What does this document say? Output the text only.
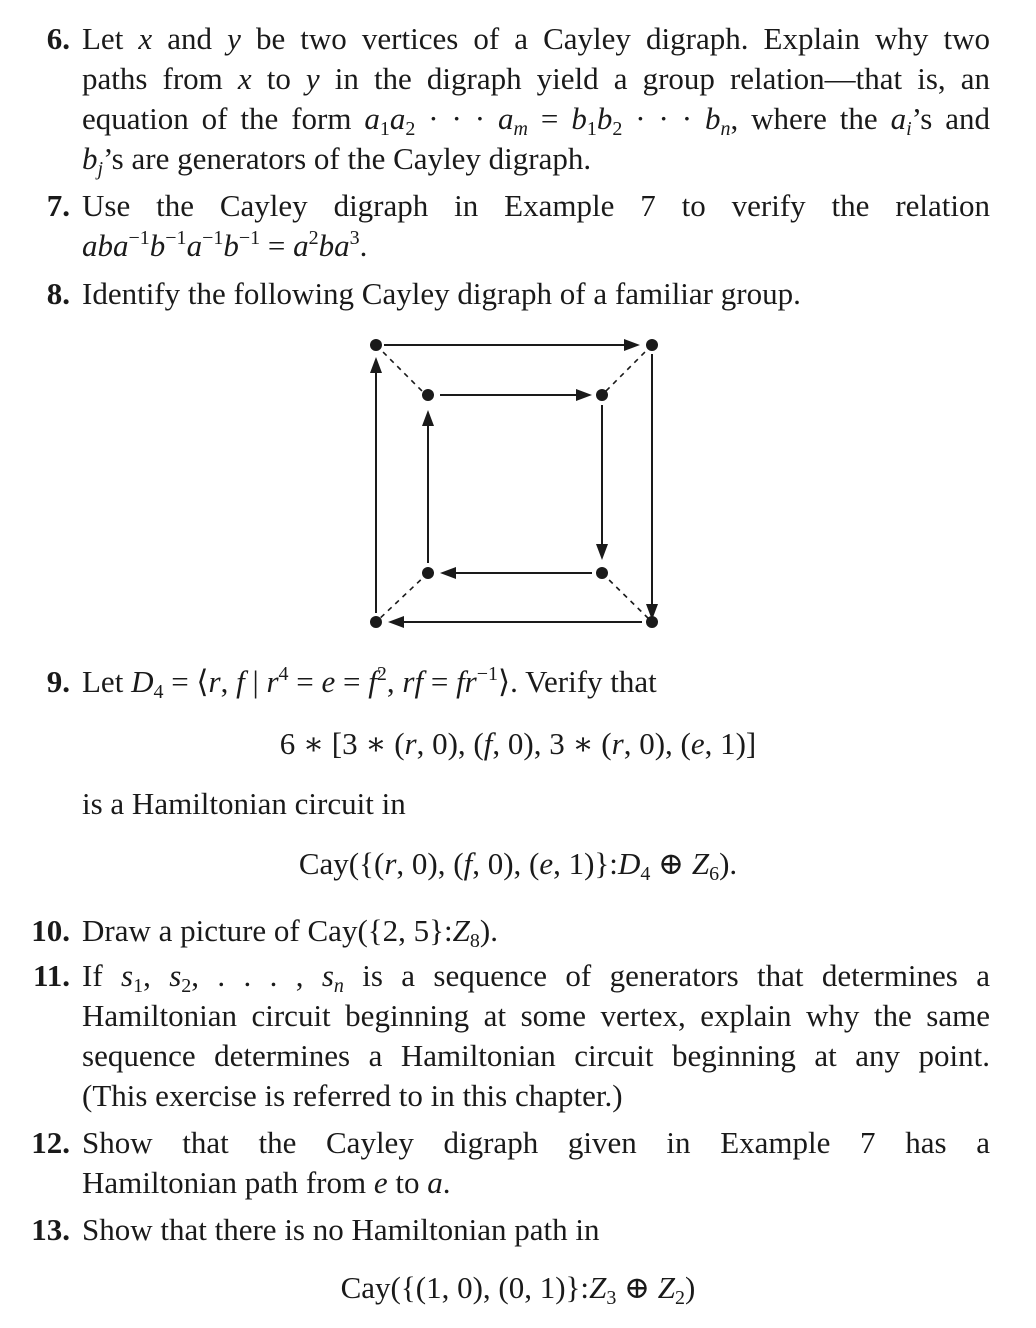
6. Let x and y be two vertices of a Cayley digraph. Explain why two
paths from x to y in the digraph yield a group relation—that is, an
equation of the form $a_1a_2$ · · · $a_m = b_1b_2$ · · · $b_n$, where the $a_i’s$ and
$b_j’s$ are generators of the Cayley digraph.
7. Use the Cayley digraph in Example 7 to verify the relation
$aba^{-1}b^{-1}a^{-1}b^{-1} = a^2ba^3$.
8. Identify the following Cayley digraph of a familiar group.
9. Let $D_4$ = ⟨r, f | $r^4 = e = f^2$, rf = $fr^{-1}⟩$. Verify that
6 ∗ [3 ∗ (r, 0), (f, 0), 3 ∗ (r, 0), (e, 1)]
is a Hamiltonian circuit in
Cay({(r, 0), (f, 0), (e, $1)\}:D_4$ ⊕ $Z_6$).
10. Draw a picture of Cay({2, $5\}:Z_8$).
11. If $s_1$, $s_2$, . . . , $s_n$ is a sequence of generators that determines a
Hamiltonian circuit beginning at some vertex, explain why the same
sequence determines a Hamiltonian circuit beginning at any point.
(This exercise is referred to in this chapter.)
12. Show that the Cayley digraph given in Example 7 has a
Hamiltonian path from e to a.
13. Show that there is no Hamiltonian path in
Cay({(1, 0), (0, $1)\}:Z_3$ ⊕ $Z_2$)
